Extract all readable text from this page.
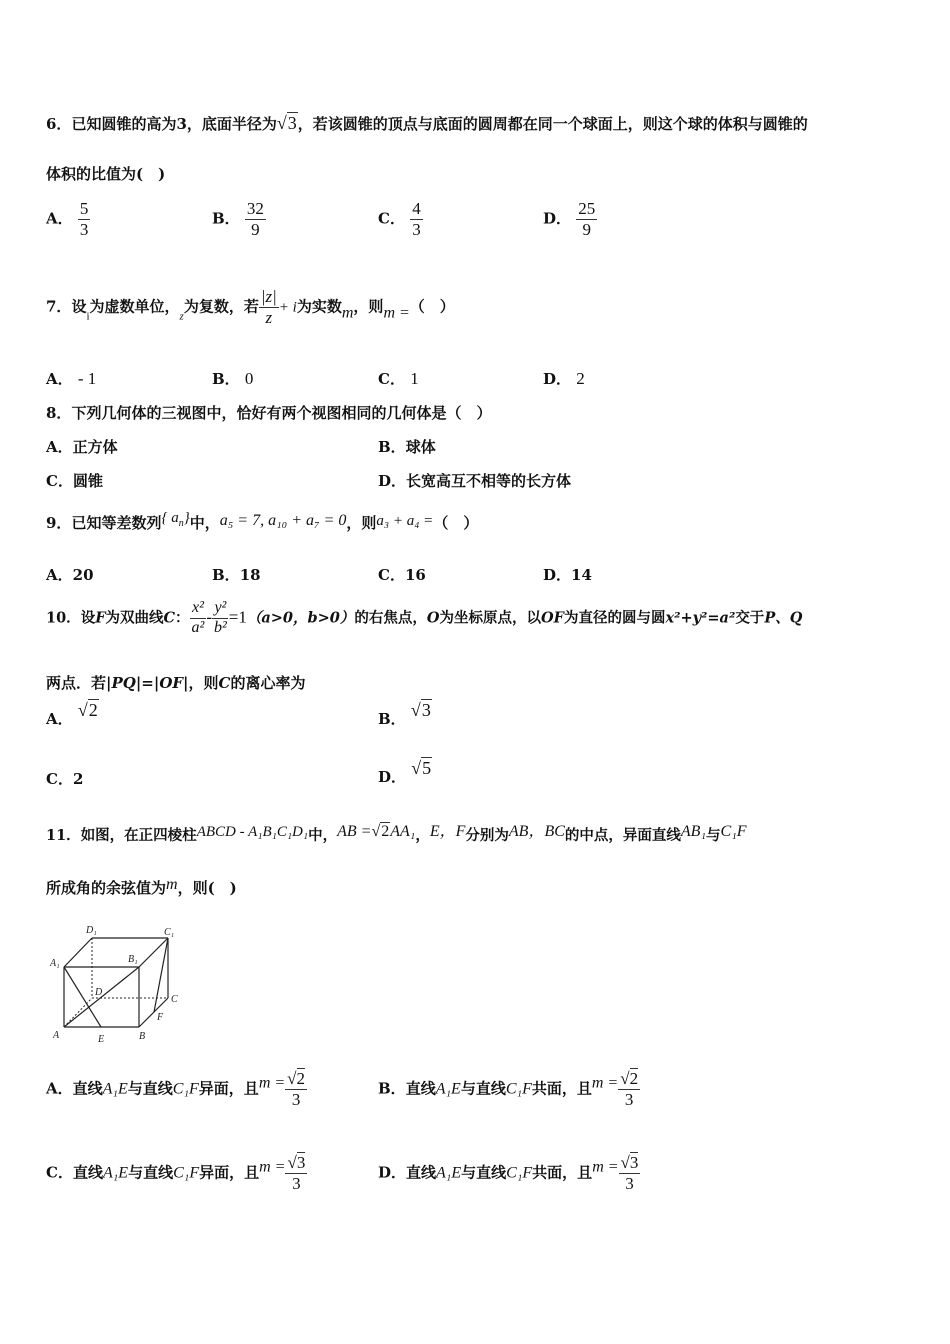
6．已知圆锥的高为3，底面半径为√3，若该圆锥的顶点与底面的圆周都在同一个球面上，则这个球的体积与圆锥的
体积的比值为(　)
A． $\frac{5}{3}$	B． $\frac{32}{9}$	C． $\frac{4}{3}$	D． $\frac{25}{9}$
7．设$_i$为虚数单位，$_z$为复数，若 $\frac{|z|}{z} + i$为实数m，则m =（　）
A． - 1	B． 0	C． 1	D． 2
8．下列几何体的三视图中，恰好有两个视图相同的几何体是（　）
A．正方体	B．球体
C．圆锥	D．长宽高互不相等的长方体
9．已知等差数列{ $a_n$}中，a₅ = 7, a₁₀ + a₇ = 0，则a₃ + a₄ =（　）
A．20	B．18	C．16	D．14
10．设F为双曲线C： $\frac{\text{x²}}{\text{a²}} - \frac{\text{y²}}{\text{b²}} =1(a>0$，b>0）的右焦点，O为坐标原点，以OF为直径的圆与圆x²+y²=a²交于P、Q
两点．若|PQ|=|OF|，则C的离心率为
A． √2	B． √3
C．2	D． √5
11．如图，在正四棱柱ABCD - A₁B₁C₁D₁中，AB =√2AA₁，E，F分别为AB，BC的中点，异面直线AB₁与C₁F
所成角的余弦值为m，则(　)
D₁	C₁
A₁	B₁
D
C
F
A	E	B
A．直线A₁E与直线C₁F异面，且$m = \frac{√2}{3}$	B．直线A₁E与直线C₁F共面，且$m = \frac{√2}{3}$
C．直线A₁E与直线C₁F异面，且$m = \frac{√3}{3}$	D．直线A₁E与直线C₁F共面，且$m = \frac{√3}{3}$
